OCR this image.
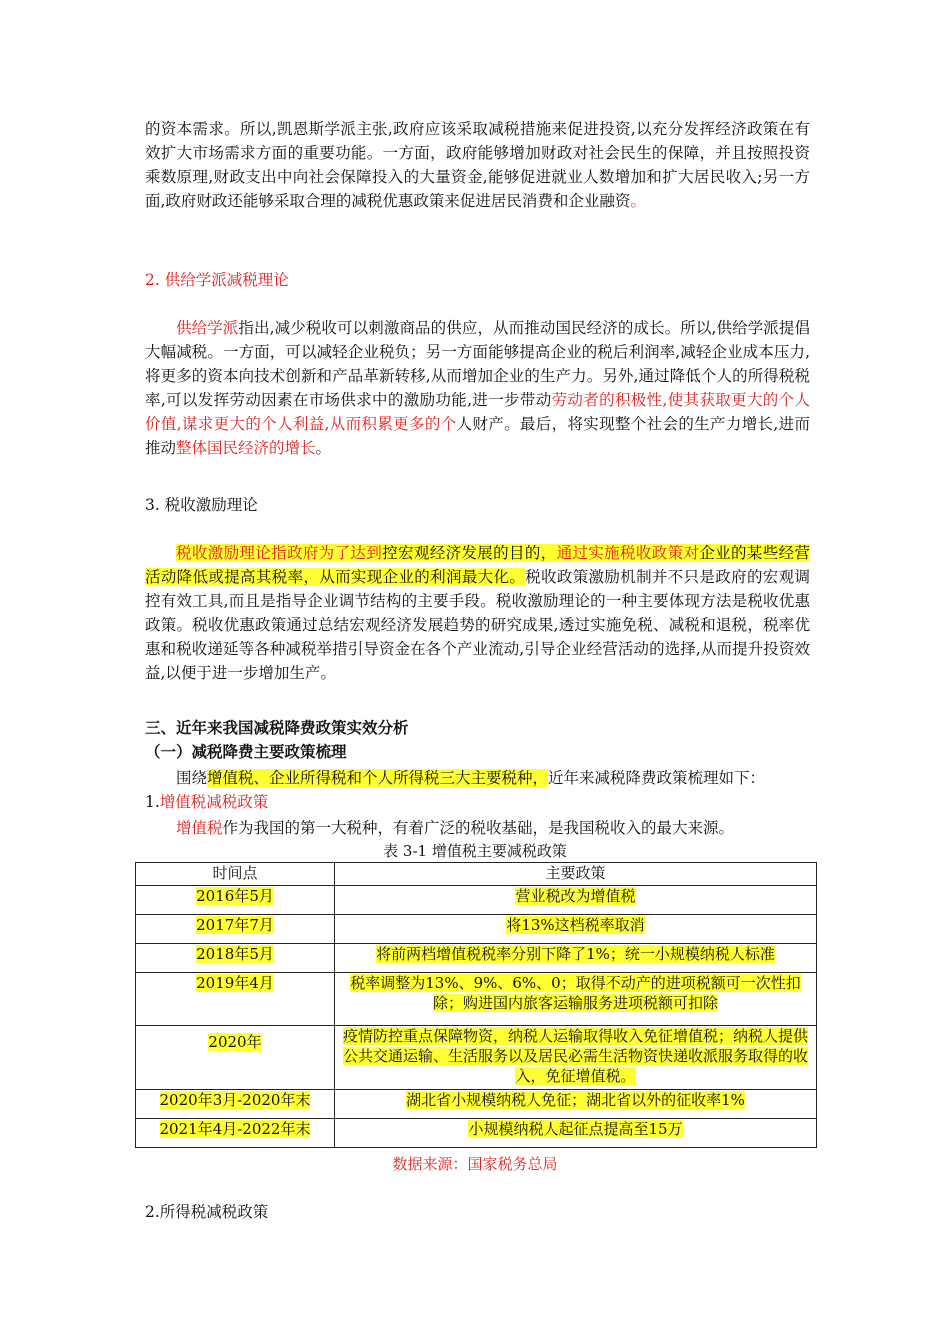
的资本需求。所以,凯恩斯学派主张,政府应该采取减税措施来促进投资,以充分发挥经济政策在有效扩大市场需求方面的重要功能。一方面，政府能够增加财政对社会民生的保障，并且按照投资乘数原理,财政支出中向社会保障投入的大量资金,能够促进就业人数增加和扩大居民收入;另一方面,政府财政还能够采取合理的减税优惠政策来促进居民消费和企业融资。

2. 供给学派减税理论

供给学派指出,减少税收可以刺激商品的供应，从而推动国民经济的成长。所以,供给学派提倡大幅减税。一方面，可以减轻企业税负；另一方面能够提高企业的税后利润率,减轻企业成本压力,将更多的资本向技术创新和产品革新转移,从而增加企业的生产力。另外,通过降低个人的所得税税率,可以发挥劳动因素在市场供求中的激励功能,进一步带动劳动者的积极性,使其获取更大的个人价值,谋求更大的个人利益,从而积累更多的个人财产。最后，将实现整个社会的生产力增长,进而推动整体国民经济的增长。

3. 税收激励理论

税收激励理论指政府为了达到控宏观经济发展的目的，通过实施税收政策对企业的某些经营活动降低或提高其税率，从而实现企业的利润最大化。税收政策激励机制并不只是政府的宏观调控有效工具,而且是指导企业调节结构的主要手段。税收激励理论的一种主要体现方法是税收优惠政策。税收优惠政策通过总结宏观经济发展趋势的研究成果,透过实施免税、减税和退税，税率优惠和税收递延等各种减税举措引导资金在各个产业流动,引导企业经营活动的选择,从而提升投资效益,以便于进一步增加生产。

三、近年来我国减税降费政策实效分析

（一）减税降费主要政策梳理

围绕增值税、企业所得税和个人所得税三大主要税种，近年来减税降费政策梳理如下：

1.增值税减税政策

增值税作为我国的第一大税种，有着广泛的税收基础，是我国税收入的最大来源。

表 3-1 增值税主要减税政策
时间点	主要政策
2016年5月	营业税改为增值税
2017年7月	将13%这档税率取消
2018年5月	将前两档增值税税率分别下降了1%；统一小规模纳税人标准
2019年4月	税率调整为13%、9%、6%、0；取得不动产的进项税额可一次性扣除；购进国内旅客运输服务进项税额可扣除
2020年	疫情防控重点保障物资，纳税人运输取得收入免征增值税；纳税人提供公共交通运输、生活服务以及居民必需生活物资快递收派服务取得的收入，免征增值税。
2020年3月-2020年末	湖北省小规模纳税人免征；湖北省以外的征收率1%
2021年4月-2022年末	小规模纳税人起征点提高至15万
数据来源：国家税务总局

2.所得税减税政策
